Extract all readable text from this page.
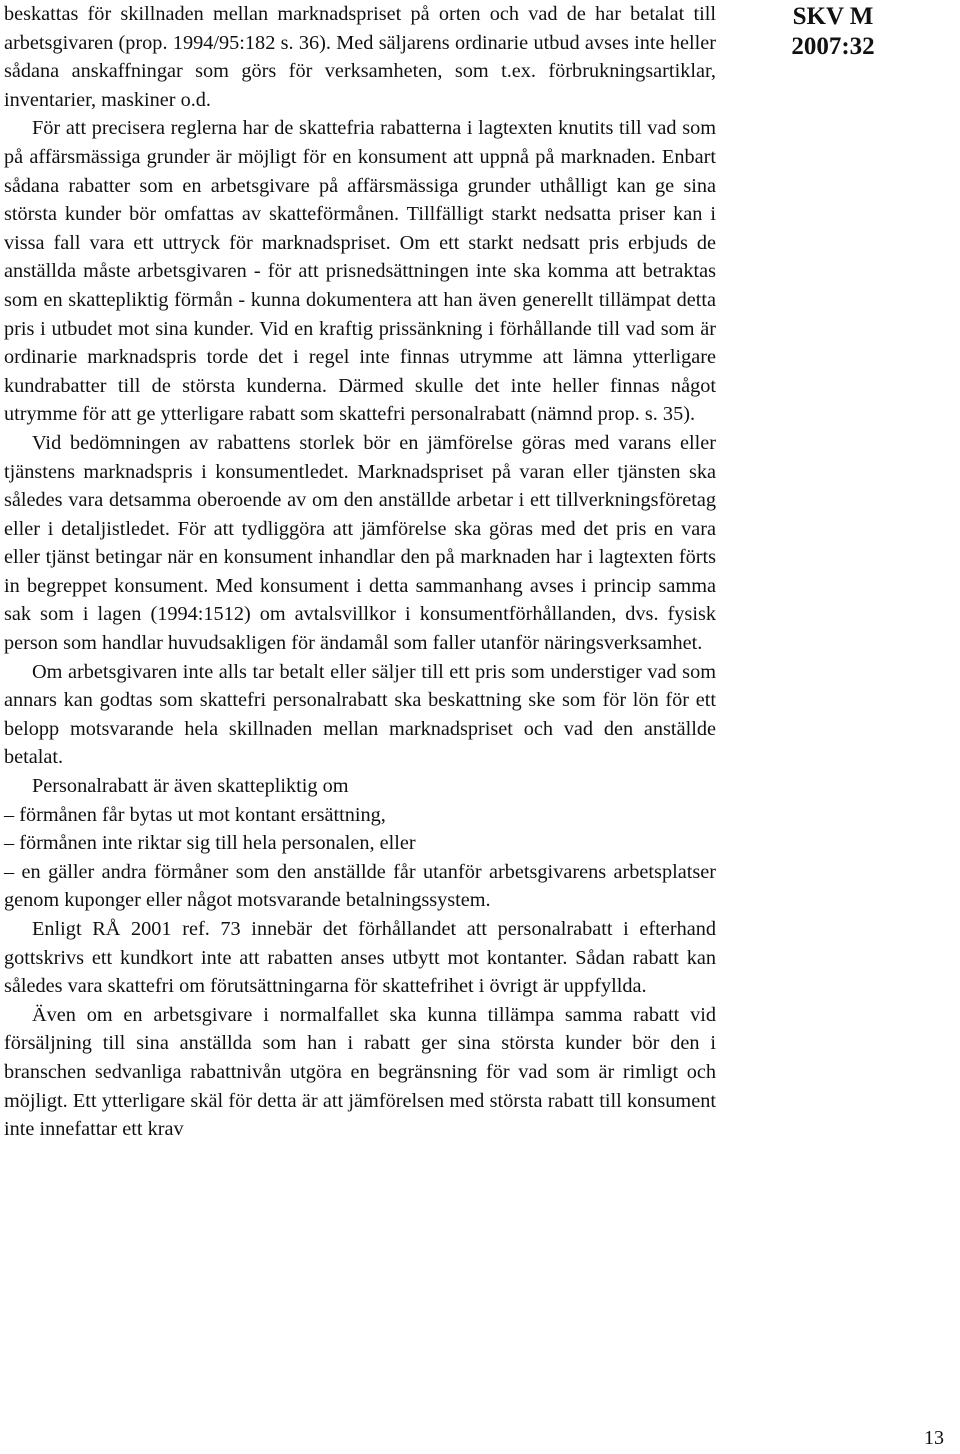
SKV M
2007:32

beskattas för skillnaden mellan marknadspriset på orten och vad de har betalat till arbetsgivaren (prop. 1994/95:182 s. 36). Med säljarens ordinarie utbud avses inte heller sådana anskaffningar som görs för verksamheten, som t.ex. förbrukningsartiklar, inventarier, maskiner o.d.

För att precisera reglerna har de skattefria rabatterna i lagtexten knutits till vad som på affärsmässiga grunder är möjligt för en konsument att uppnå på marknaden. Enbart sådana rabatter som en arbetsgivare på affärsmässiga grunder uthålligt kan ge sina största kunder bör omfattas av skatteförmånen. Tillfälligt starkt nedsatta priser kan i vissa fall vara ett uttryck för marknadspriset. Om ett starkt nedsatt pris erbjuds de anställda måste arbetsgivaren - för att prisnedsättningen inte ska komma att betraktas som en skattepliktig förmån - kunna dokumentera att han även generellt tillämpat detta pris i utbudet mot sina kunder. Vid en kraftig prissänkning i förhållande till vad som är ordinarie marknadspris torde det i regel inte finnas utrymme att lämna ytterligare kundrabatter till de största kunderna. Därmed skulle det inte heller finnas något utrymme för att ge ytterligare rabatt som skattefri personalrabatt (nämnd prop. s. 35).

Vid bedömningen av rabattens storlek bör en jämförelse göras med varans eller tjänstens marknadspris i konsumentledet. Marknadspriset på varan eller tjänsten ska således vara detsamma oberoende av om den anställde arbetar i ett tillverkningsföretag eller i detaljistledet. För att tydliggöra att jämförelse ska göras med det pris en vara eller tjänst betingar när en konsument inhandlar den på marknaden har i lagtexten förts in begreppet konsument. Med konsument i detta sammanhang avses i princip samma sak som i lagen (1994:1512) om avtalsvillkor i konsumentförhållanden, dvs. fysisk person som handlar huvudsakligen för ändamål som faller utanför näringsverksamhet.

Om arbetsgivaren inte alls tar betalt eller säljer till ett pris som understiger vad som annars kan godtas som skattefri personalrabatt ska beskattning ske som för lön för ett belopp motsvarande hela skillnaden mellan marknadspriset och vad den anställde betalat.

Personalrabatt är även skattepliktig om

– förmånen får bytas ut mot kontant ersättning,

– förmånen inte riktar sig till hela personalen, eller

– en gäller andra förmåner som den anställde får utanför arbetsgivarens arbetsplatser genom kuponger eller något motsvarande betalningssystem.

Enligt RÅ 2001 ref. 73 innebär det förhållandet att personalrabatt i efterhand gottskrivs ett kundkort inte att rabatten anses utbytt mot kontanter. Sådan rabatt kan således vara skattefri om förutsättningarna för skattefrihet i övrigt är uppfyllda.

Även om en arbetsgivare i normalfallet ska kunna tillämpa samma rabatt vid försäljning till sina anställda som han i rabatt ger sina största kunder bör den i branschen sedvanliga rabattnivån utgöra en begränsning för vad som är rimligt och möjligt. Ett ytterligare skäl för detta är att jämförelsen med största rabatt till konsument inte innefattar ett krav

13
